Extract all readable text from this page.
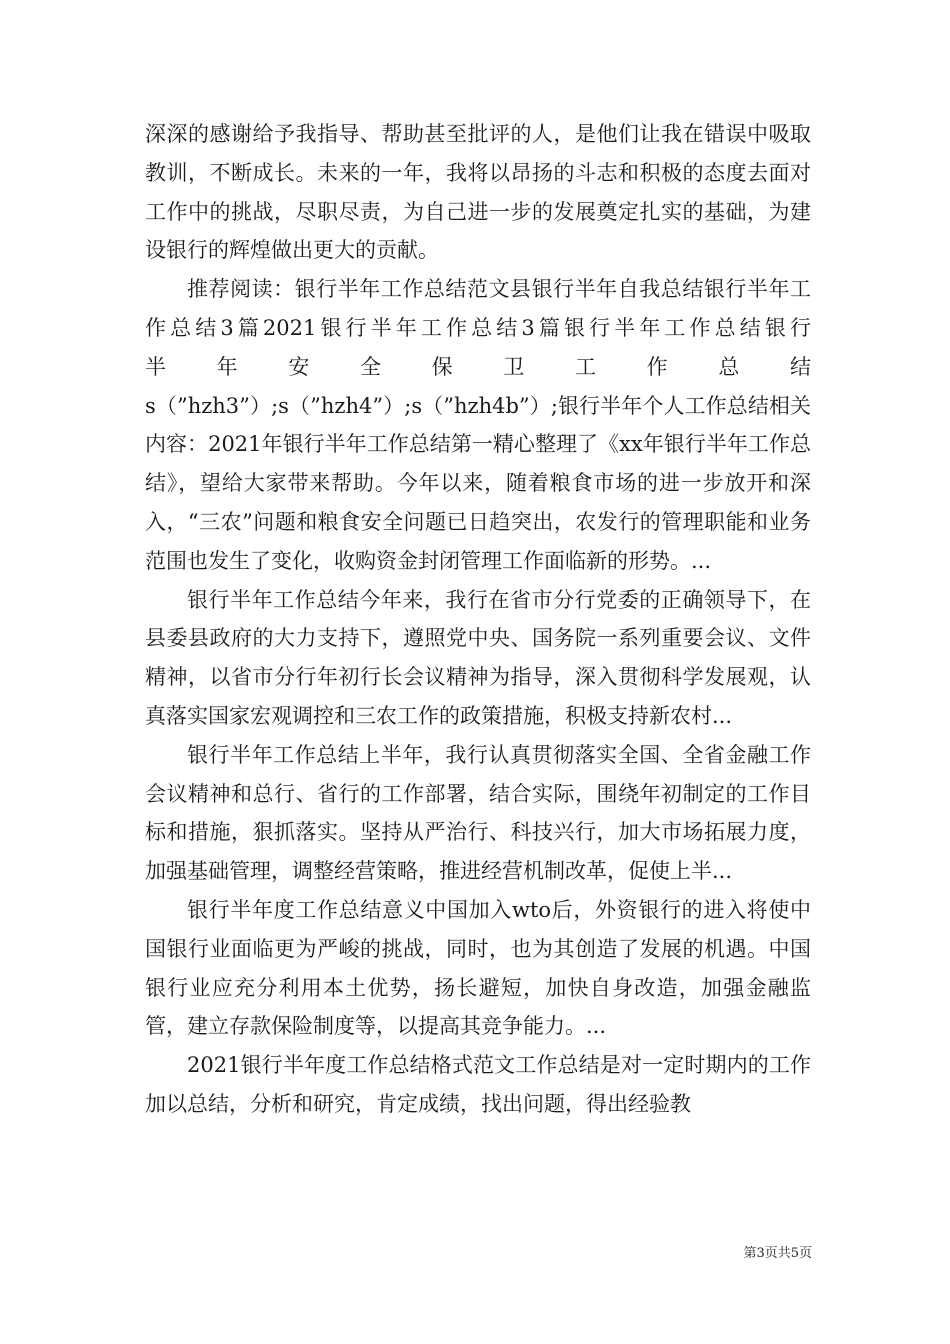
深深的感谢给予我指导、帮助甚至批评的人，是他们让我在错误中吸取教训，不断成长。未来的一年，我将以昂扬的斗志和积极的态度去面对工作中的挑战，尽职尽责，为自己进一步的发展奠定扎实的基础，为建设银行的辉煌做出更大的贡献。

推荐阅读：银行半年工作总结范文县银行半年自我总结银行半年工作总结3篇2021银行半年工作总结3篇银行半年工作总结银行

半年安全保卫工作总结

s（”hzh3”）;s（”hzh4”）;s（”hzh4b”）;银行半年个人工作总结相关内容：2021年银行半年工作总结第一精心整理了《xx年银行半年工作总结》，望给大家带来帮助。今年以来，随着粮食市场的进一步放开和深入，“三农”问题和粮食安全问题已日趋突出，农发行的管理职能和业务范围也发生了变化，收购资金封闭管理工作面临新的形势。...

银行半年工作总结今年来，我行在省市分行党委的正确领导下，在县委县政府的大力支持下，遵照党中央、国务院一系列重要会议、文件精神，以省市分行年初行长会议精神为指导，深入贯彻科学发展观，认真落实国家宏观调控和三农工作的政策措施，积极支持新农村...

银行半年工作总结上半年，我行认真贯彻落实全国、全省金融工作会议精神和总行、省行的工作部署，结合实际，围绕年初制定的工作目标和措施，狠抓落实。坚持从严治行、科技兴行，加大市场拓展力度，加强基础管理，调整经营策略，推进经营机制改革，促使上半...

银行半年度工作总结意义中国加入wto后，外资银行的进入将使中国银行业面临更为严峻的挑战，同时，也为其创造了发展的机遇。中国银行业应充分利用本土优势，扬长避短，加快自身改造，加强金融监管，建立存款保险制度等，以提高其竞争能力。...

2021银行半年度工作总结格式范文工作总结是对一定时期内的工作加以总结，分析和研究，肯定成绩，找出问题，得出经验教

第3页共5页
